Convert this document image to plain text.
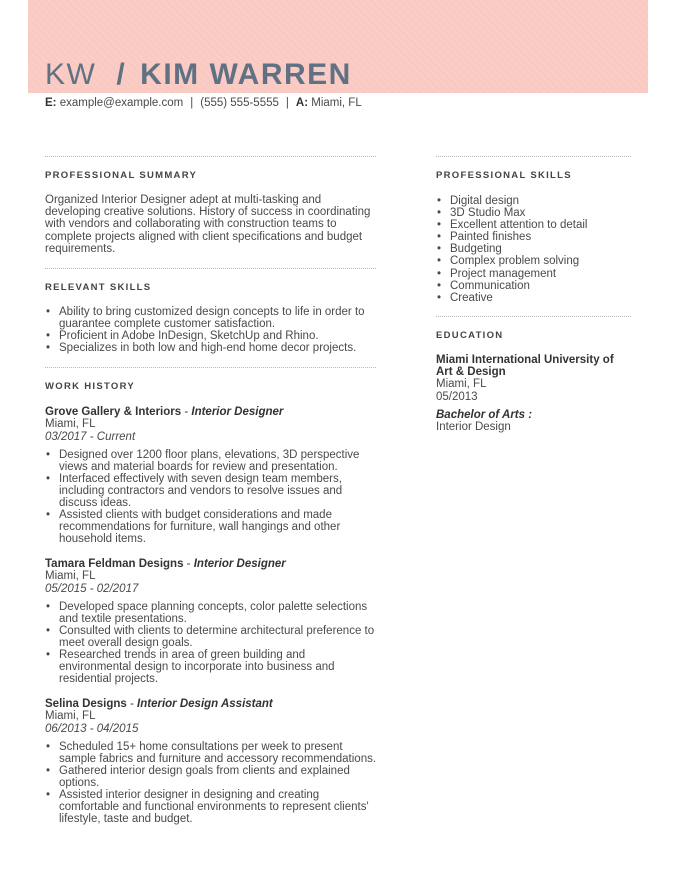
KW / KIM WARREN
E: example@example.com | (555) 555-5555 | A: Miami, FL
PROFESSIONAL SUMMARY

Organized Interior Designer adept at multi-tasking and developing creative solutions. History of success in coordinating with vendors and collaborating with construction teams to complete projects aligned with client specifications and budget requirements.

RELEVANT SKILLS
• Ability to bring customized design concepts to life in order to guarantee complete customer satisfaction.
• Proficient in Adobe InDesign, SketchUp and Rhino.
• Specializes in both low and high-end home decor projects.
WORK HISTORY
Grove Gallery & Interiors - Interior Designer

Miami, FL

03/2017 - Current

• Designed over 1200 floor plans, elevations, 3D perspective views and material boards for review and presentation.
• Interfaced effectively with seven design team members, including contractors and vendors to resolve issues and discuss ideas.
• Assisted clients with budget considerations and made recommendations for furniture, wall hangings and other household items.
Tamara Feldman Designs - Interior Designer

Miami, FL

05/2015 - 02/2017

• Developed space planning concepts, color palette selections and textile presentations.
• Consulted with clients to determine architectural preference to meet overall design goals.
• Researched trends in area of green building and environmental design to incorporate into business and residential projects.
Selina Designs - Interior Design Assistant

Miami, FL

06/2013 - 04/2015

• Scheduled 15+ home consultations per week to present sample fabrics and furniture and accessory recommendations.
• Gathered interior design goals from clients and explained options.
• Assisted interior designer in designing and creating comfortable and functional environments to represent clients' lifestyle, taste and budget.
PROFESSIONAL SKILLS
• Digital design
• 3D Studio Max
• Excellent attention to detail
• Painted finishes
• Budgeting
• Complex problem solving
• Project management
• Communication
• Creative
EDUCATION

Miami International University of Art & Design

Miami, FL

05/2013

Bachelor of Arts :

Interior Design
